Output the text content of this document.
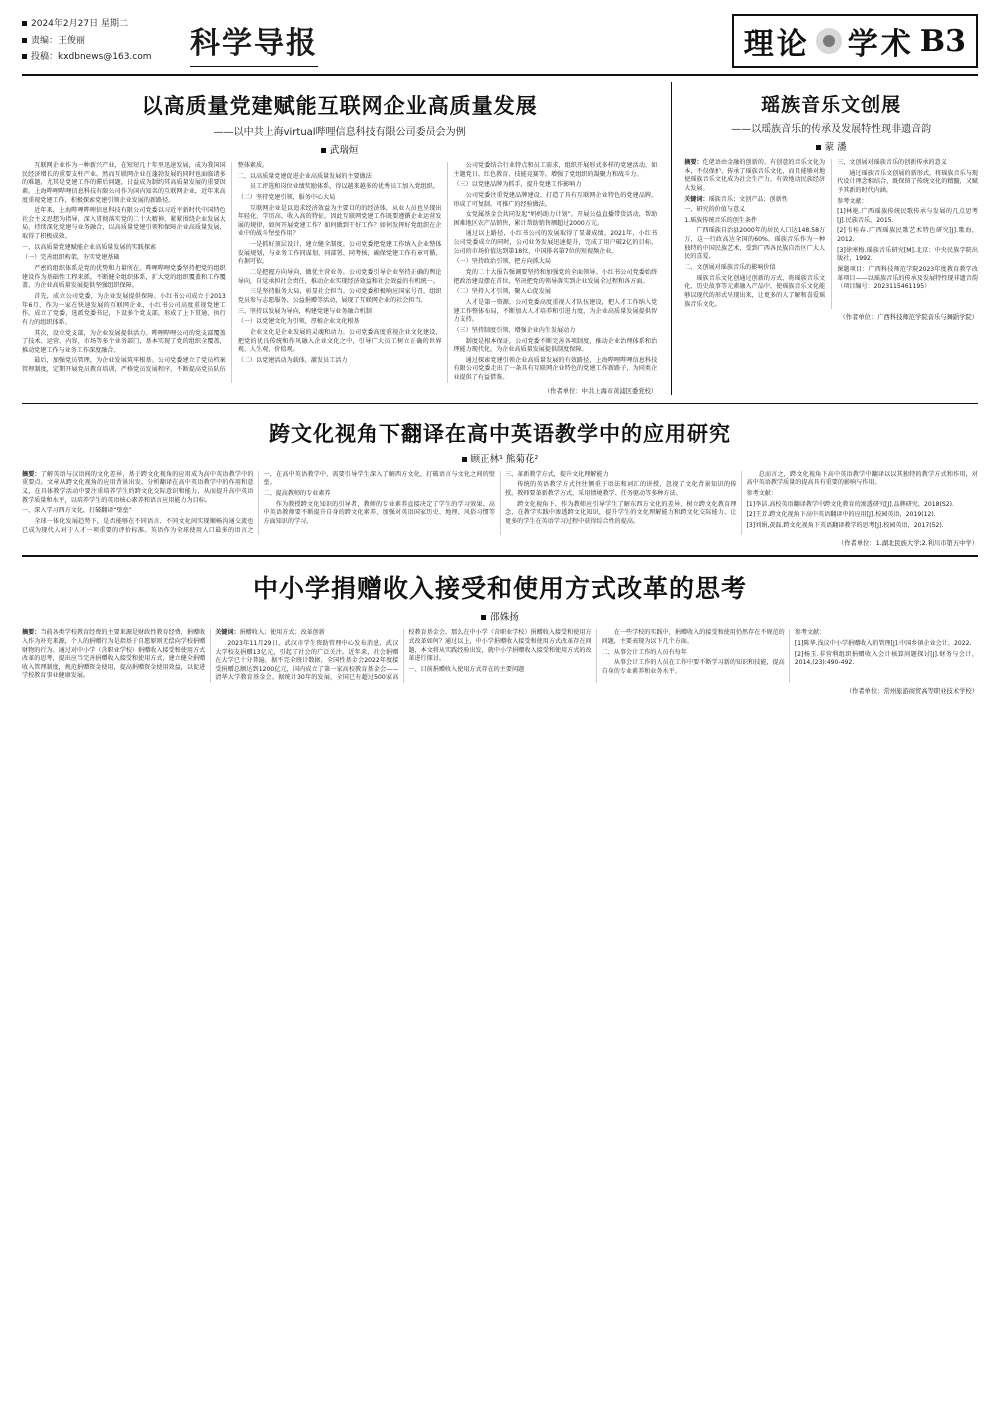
2024年2月27日 星期二
责编：王俊丽
投稿：kxdbnews@163.com	科学导报	理论 学术 B3
以高质量党建赋能互联网企业高质量发展
——以中共上海virtual哔哩信息科技有限公司委员会为例
武瑞烜

互联网企业作为一种新兴产业，在短短几十年里迅速发展，成为我国国民经济增长的重要支柱产业。然而互联网企业在蓬勃发展的同时也面临诸多的难题，尤其是党建工作的滞后问题，日益成为制约其高质量发展的重要因素。上海哔哩哔哩信息科技有限公司作为国内知名的互联网企业，近年来高度重视党建工作，积极探索党建引领企业发展的新路径。

近年来，上海哔哩哔哩信息科技有限公司党委以习近平新时代中国特色社会主义思想为指导，深入贯彻落实党的二十大精神，紧紧围绕企业发展大局，持续深化党建与业务融合，以高质量党建引领和保障企业高质量发展，取得了积极成效。

一、以高质量党建赋能企业高质量发展的实践探索

（一）完善组织构架，夯实党建基础

严密的组织体系是党的优势和力量所在。哔哩哔哩党委坚持把党的组织建设作为基础性工程来抓，不断健全组织体系，扩大党的组织覆盖和工作覆盖，为企业高质量发展提供坚强组织保障。

首先，成立公司党委，为企业发展提供保障。小红书公司成立于2013年6月，作为一家在快速发展的互联网企业，小红书公司高度重视党建工作，成立了党委，选派党委书记，下设多个党支部，形成了上下贯通、执行有力的组织体系。

其次，设立党支部，为企业发展提供活力。哔哩哔哩公司的党支部覆盖了技术、运营、内容、市场等多个业务部门，基本实现了党的组织全覆盖，推动党建工作与业务工作深度融合。

最后，加强党员管理，为企业发展筑牢根基。公司党委建立了党员档案管理制度，定期开展党员教育培训，严格党员发展程序，不断提高党员队伍整体素质。

二、以高质量党建促进企业高质量发展的主要做法

员工评选和岗位业绩奖励体系，得以越来越多的优秀员工加入党组织。

（二）坚持党建引领，服务中心大局

互联网企业是以追求经济效益为主要目的的经济体，从业人员也呈现出年轻化、学历高、收入高的特征。因此互联网党建工作既要遵循企业运营发展的规律，如何开展党建工作？如何做到干好工作？如何发挥好党组织在企业中的战斗堡垒作用？

一是抓好顶层设计，建立健全制度。公司党委把党建工作纳入企业整体发展规划，与业务工作同谋划、同部署、同考核，确保党建工作有章可循、有据可依。

二是把握方向导向，做优主营业务。公司党委引导企业坚持正确的舆论导向，自觉承担社会责任，推动企业实现经济效益和社会效益的有机统一。

三是坚持服务大局，彰显社会担当。公司党委积极响应国家号召，组织党员参与志愿服务、公益捐赠等活动，展现了互联网企业的社会担当。

三、坚持以发展为导向，构建党建与业务融合机制

（一）以党建文化为引领，厚植企业文化根基

企业文化是企业发展的灵魂和动力。公司党委高度重视企业文化建设，把党的优良传统和作风融入企业文化之中，引导广大员工树立正确的世界观、人生观、价值观。

（二）以党建活动为载体，激发员工活力

公司党委结合行业特点和员工需求，组织开展形式多样的党建活动，如主题党日、红色教育、技能竞赛等，增强了党组织的凝聚力和战斗力。

（三）以党建品牌为抓手，提升党建工作影响力

公司党委注重党建品牌建设，打造了具有互联网企业特色的党建品牌，形成了可复制、可推广的经验做法。

女党属基金会共同发起“妈妈助力计划”，开展公益直播带货活动，帮助困难地区农产品销售，累计帮助销售额超过2000万元。

通过以上路径，小红书公司的发展取得了显著成绩。2021年，小红书公司党委成立的同时，公司业务发展迅速提升，完成了用户破2亿的目标，公司的市场价值达到第18位，中国排名第7位的短视频企业。

（一）坚持政治引领，把方向抓大局

党的二十大报告强调要坚持和加强党的全面领导。小红书公司党委始终把政治建设摆在首位，坚决把党的领导落实到企业发展全过程和各方面。

（二）坚持人才引领，聚人心促发展

人才是第一资源。公司党委高度重视人才队伍建设，把人才工作纳入党建工作整体布局，不断加大人才培养和引进力度，为企业高质量发展提供智力支持。

（三）坚持制度引领，增强企业内生发展动力

制度是根本保证。公司党委不断完善各项制度，推动企业治理体系和治理能力现代化，为企业高质量发展提供制度保障。

通过探索党建引领企业高质量发展的有效路径，上海哔哩哔哩信息科技有限公司党委走出了一条具有互联网企业特色的党建工作新路子，为同类企业提供了有益借鉴。

（作者单位：中共上海市黄浦区委党校）
瑶族音乐文创展
——以瑶族音乐的传承及发展特性现非遗音韵
蒙 潘

摘要：仡佬语由金融的创新的、有创意的音乐文化为本，不仅保护、传承了瑶族音乐文化，而且能够对地使瑶族音乐文化成为社会生产力，有效地动民族经济大发展。

关键词：瑶族音乐；文创产品；创新性

一、研究的价值与意义

1.瑶族传统音乐的创生条件

广西瑶族自治县2000年的居民人口达148.58万万，这一行政高达全国的60%。瑶族音乐作为一种独特的中国民族艺术，受到广西各民族自治区广大人民的喜爱。

二、文创展对瑶族音乐的影响价值

瑶族音乐文化创通过创新的方式，将瑶族音乐文化、历史故事等元素融入产品中，使瑶族音乐文化能够以现代的形式呈现出来，让更多的人了解和喜爱瑶族音乐文化。

三、文创展对瑶族音乐的创新传承的意义

通过瑶族音乐文创展的新形式，将瑶族音乐与现代设计理念相结合，既保留了传统文化的精髓，又赋予其新的时代内涵。

参考文献：

[1]林艳.广西瑶族传统民歌传承与发展的几点思考[J].民族音乐，2015.

[2]韦桂春.广西瑶族民歌艺术特色研究[J].歌海，2012.

[3]徐寒梅.瑶族音乐研究[M].北京：中央民族学院出版社，1992.

课题项目：广西科技师范学院2023年度教育教学改革项目——以瑶族音乐的传承及发展特性现非遗音韵（项目编号：2023115461195）

（作者单位：广西科技师范学院音乐与舞蹈学院）
跨文化视角下翻译在高中英语教学中的应用研究
顾正林¹ 熊菊花²

摘要：了解英语与汉语间的文化差异，基于跨文化视角的应用成为高中英语教学中的重要点。文章从跨文化视角的应用背景出发，分析翻译在高中英语教学中的作用和意义，在具体教学活动中要注重培养学生的跨文化交际意识和能力，从而提升高中英语教学质量和水平，以培养学生的英语核心素养和语言应用能力为目标。

一、深入学习西方文化，打破翻译“壁垒”

全球一体化发展趋势下，是否能够在不同语言、不同文化间实现顺畅沟通交流也已成为现代人对于人才一项重要的评价标准。英语作为全球使用人口最多的语言之一，在高中英语教学中，需要引导学生深入了解西方文化，打破语言与文化之间的壁垒。

二、提高教师的专业素养

作为教授跨文化知识的引导者，教师的专业素养直接决定了学生的学习效果。高中英语教师要不断提升自身的跨文化素养，加强对英语国家历史、地理、风俗习惯等方面知识的学习。

三、革新教学方式，提升文化理解能力

传统的英语教学方式往往侧重于语法和词汇的讲授，忽视了文化背景知识的传授。教师要革新教学方式，采用情境教学、任务驱动等多种方法。

跨文化视角下，作为教师应引导学生了解东西方文化的差异，树立跨文化教育理念，在教学实践中渗透跨文化知识，提升学生的文化理解能力和跨文化交际能力，让更多的学生在英语学习过程中获得综合性的提高。

总而言之，跨文化视角下高中英语教学中翻译以以其独特的教学方式和作用，对高中英语教学质量的提高具有重要的影响与作用。

参考文献：

[1]李洁.高校英语翻译教学中跨文化教育的渗透研究[J].品牌研究，2018(S2).

[2]王芳.跨文化视角下高中英语翻译中的应用[J].校园英语，2019(12).

[3]刘娟,黄磊.跨文化视角下英语翻译教学的思考[J].校园英语，2017(52).

（作者单位：1.湖北民族大学;2.利川市第五中学）
中小学捐赠收入接受和使用方式改革的思考
邵姝扬

摘要：当前各类学校教育经费的主要来源是财政性教育经费，捐赠收入作为补充来源，个人的捐赠行为是指基于自愿原则无偿向学校捐赠财物的行为。通过对中小学（含职业学校）捐赠收入接受和使用方式改革的思考，提出应当完善捐赠收入接受和使用方式，建立健全捐赠收入管理制度，规范捐赠资金使用，提高捐赠资金使用效益，以促进学校教育事业健康发展。

关键词：捐赠收入；使用方式；改革创新

2023年11月29日，武汉市学生资助管理中心发布消息，武汉大学校友捐赠13亿元，引起了社会的广泛关注。近年来，社会捐赠在大学已十分普遍，据不完全统计数据，全国性基金会2022年度接受捐赠总额达到1200亿元，国内成立了第一家高校教育基金会——清华大学教育基金会。据统计30年的发展，全国已有超过500家高校教育基金会。那么在中小学（含职业学校）捐赠收入接受和使用方式改革如何？通过以上，中小学捐赠收入接受和使用方式改革存在问题，本文将从实践经验出发，就中小学捐赠收入接受和使用方式的改革进行探讨。

一、目前捐赠收入使用方式存在的主要问题

在一些学校的实践中，捐赠收入的接受和使用仍然存在不规范的问题，主要表现为以下几个方面。

二、从事会计工作的人员有每年

从事会计工作的人员在工作中要不断学习新的知识和技能，提高自身的专业素养和业务水平。

参考文献：

[1]陈华.浅议中小学捐赠收入的管理[J].中国乡镇企业会计，2022.

[2]杨玉.非营利组织捐赠收入会计核算问题探讨[J].财务与会计，2014,(23):490-492.

（作者单位：常州旅游商贸高等职业技术学校）
